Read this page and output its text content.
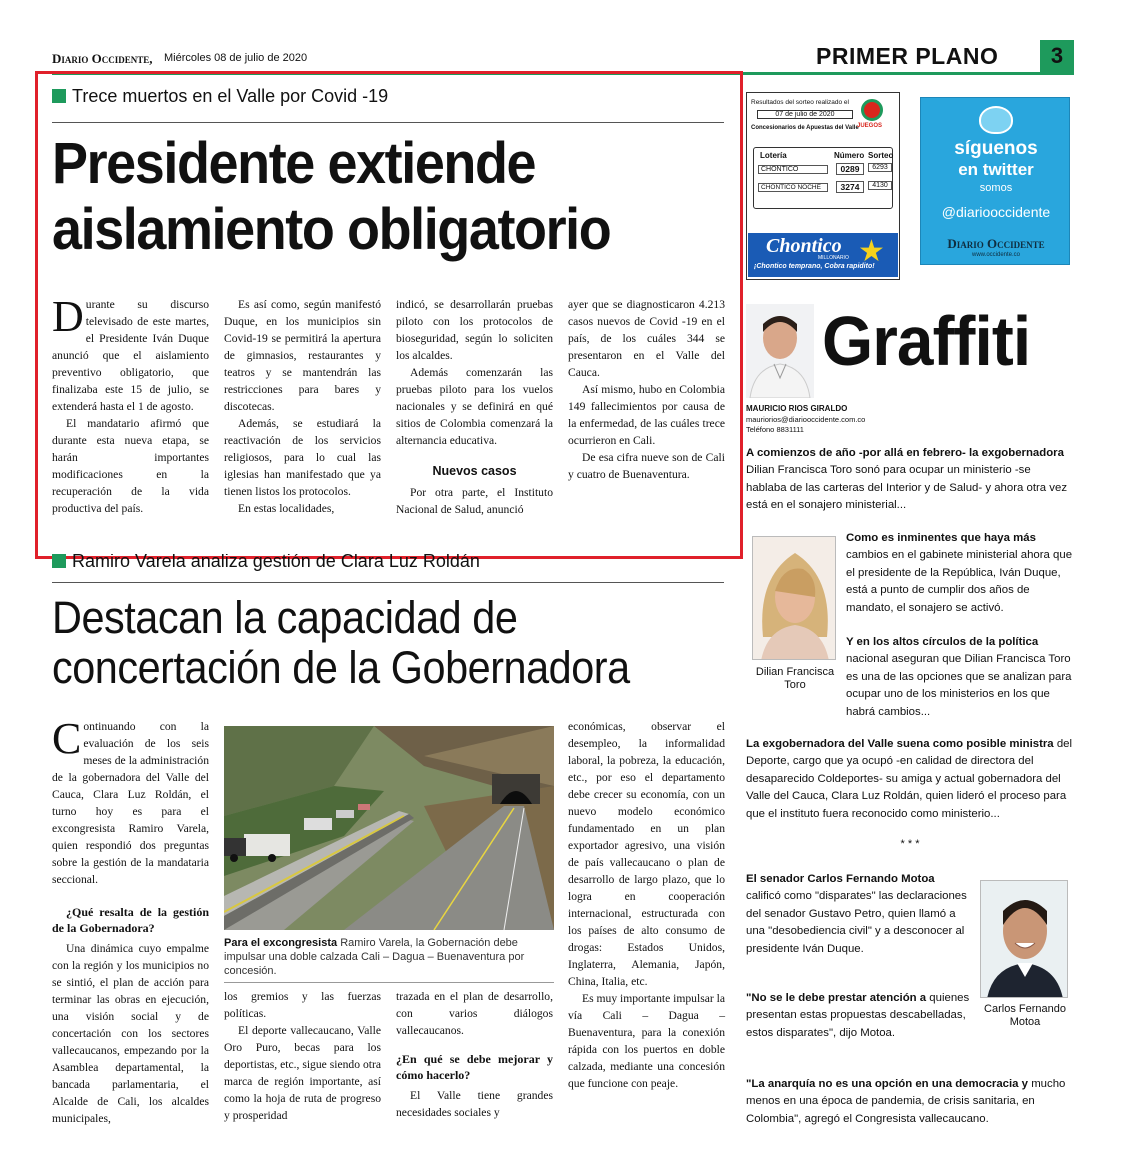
Diario Occidente, Miércoles 08 de julio de 2020	PRIMER PLANO	3
Trece muertos en el Valle por Covid -19
Presidente extiende
aislamiento obligatorio
D urante su discurso televisado de este martes, el Presidente Iván Duque anunció que el aislamiento preventivo obligatorio, que finalizaba este 15 de julio, se extenderá hasta el 1 de agosto.

El mandatario afirmó que durante esta nueva etapa, se harán importantes modificaciones en la recuperación de la vida productiva del país.

Es así como, según manifestó Duque, en los municipios sin Covid-19 se permitirá la apertura de gimnasios, restaurantes y teatros y se mantendrán las restricciones para bares y discotecas.

Además, se estudiará la reactivación de los servicios religiosos, para lo cual las iglesias han manifestado que ya tienen listos los protocolos.

En estas localidades,

indicó, se desarrollarán pruebas piloto con los protocolos de bioseguridad, según lo soliciten los alcaldes.

Además comenzarán las pruebas piloto para los vuelos nacionales y se definirá en qué sitios de Colombia comenzará la alternancia educativa.

Nuevos casos

Por otra parte, el Instituto Nacional de Salud, anunció

ayer que se diagnosticaron 4.213 casos nuevos de Covid -19 en el país, de los cuáles 344 se presentaron en el Valle del Cauca.

Así mismo, hubo en Colombia 149 fallecimientos por causa de la enfermedad, de las cuáles trece ocurrieron en Cali.

De esa cifra nueve son de Cali y cuatro de Buenaventura.

Ramiro Varela analiza gestión de Clara Luz Roldán
Destacan la capacidad de
concertación de la Gobernadora
C ontinuando con la evaluación de los seis meses de la administración de la gobernadora del Valle del Cauca, Clara Luz Roldán, el turno hoy es para el excongresista Ramiro Varela, quien respondió dos preguntas sobre la gestión de la mandataria seccional.

¿Qué resalta de la gestión de la Gobernadora?

Una dinámica cuyo empalme con la región y los municipios no se sintió, el plan de acción para terminar las obras en ejecución, una visión social y de concertación con los sectores vallecaucanos, empezando por la Asamblea departamental, la bancada parlamentaria, el Alcalde de Cali, los alcaldes municipales,

Para el excongresista Ramiro Varela, la Gobernación debe impulsar una doble calzada Cali – Dagua – Buenaventura por concesión.

los gremios y las fuerzas políticas.

El deporte vallecaucano, Valle Oro Puro, becas para los deportistas, etc., sigue siendo otra marca de región importante, así como la hoja de ruta de progreso y prosperidad

trazada en el plan de desarrollo, con varios diálogos vallecaucanos.

¿En qué se debe mejorar y cómo hacerlo?

El Valle tiene grandes necesidades sociales y

económicas, observar el desempleo, la informalidad laboral, la pobreza, la educación, etc., por eso el departamento debe crecer su economía, con un nuevo modelo económico fundamentado en un plan exportador agresivo, una visión de país vallecaucano o plan de desarrollo de largo plazo, que lo logra en cooperación internacional, estructurada con los países de alto consumo de drogas: Estados Unidos, Inglaterra, Alemania, Japón, China, Italia, etc.

Es muy importante impulsar la vía Cali – Dagua – Buenaventura, para la conexión rápida con los puertos en doble calzada, mediante una concesión que funcione con peaje.

Resultados del sorteo realizado el
07 de julio de 2020
Concesionarios de Apuestas del Valle
JUEGOS
Lotería	Número Sorteo
CHONTICO	0289	6293
CHONTICO NOCHE	3274	4130
★
Chontico
MILLONARIO
¡Chontico temprano, Cobra rapidito!
síguenos
en twitter
somos
@diariooccidente
Diario Occidente
www.occidente.co
Graffiti
MAURICIO RIOS GIRALDO
mauriorios@diariooccidente.com.co
Teléfono 8831111
A comienzos de año -por allá en febrero- la exgobernadora Dilian Francisca Toro sonó para ocupar un ministerio -se hablaba de las carteras del Interior y de Salud- y ahora otra vez está en el sonajero ministerial...
Dilian Francisca Toro
Como es inminentes que haya más cambios en el gabinete ministerial ahora que el presidente de la República, Iván Duque, está a punto de cumplir dos años de mandato, el sonajero se activó.
Y en los altos círculos de la política nacional aseguran que Dilian Francisca Toro es una de las opciones que se analizan para ocupar uno de los ministerios en los que habrá cambios...
La exgobernadora del Valle suena como posible ministra del Deporte, cargo que ya ocupó -en calidad de directora del desaparecido Coldeportes- su amiga y actual gobernadora del Valle del Cauca, Clara Luz Roldán, quien lideró el proceso para que el instituto fuera reconocido como ministerio...
* * *
El senador Carlos Fernando Motoa calificó como "disparates" las declaraciones del senador Gustavo Petro, quien llamó a una "desobediencia civil" y a desconocer al presidente Iván Duque.
"No se le debe prestar atención a quienes presentan estas propuestas descabelladas, estos disparates", dijo Motoa.
Carlos Fernando Motoa
"La anarquía no es una opción en una democracia y mucho menos en una época de pandemia, de crisis sanitaria, en Colombia", agregó el Congresista vallecaucano.
